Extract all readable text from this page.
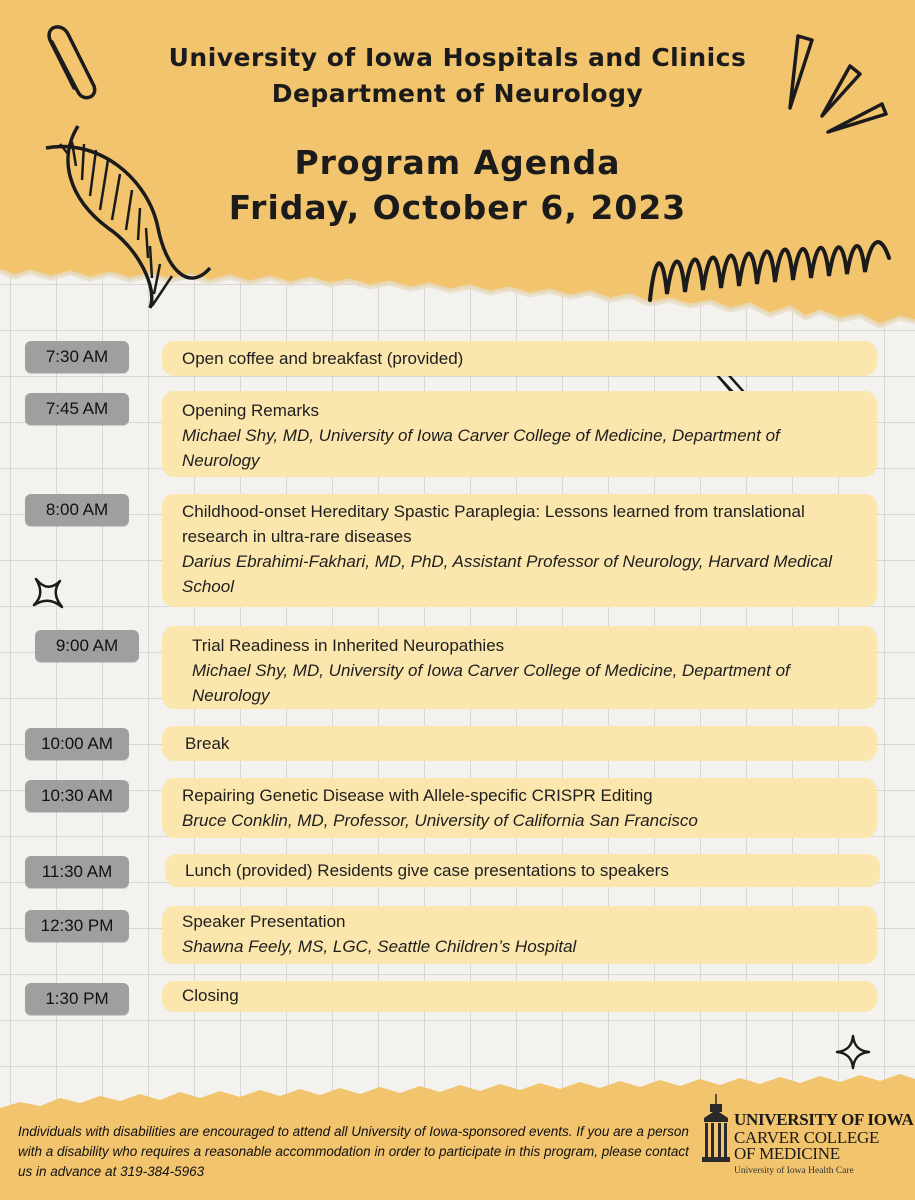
University of Iowa Hospitals and Clinics
Department of Neurology
Program Agenda
Friday, October 6, 2023
7:30 AM	Open coffee and breakfast (provided)
7:45 AM	Opening Remarks
Michael Shy, MD, University of Iowa Carver College of Medicine, Department of Neurology
8:00 AM	Childhood-onset Hereditary Spastic Paraplegia: Lessons learned from translational research in ultra-rare diseases
Darius Ebrahimi-Fakhari, MD, PhD, Assistant Professor of Neurology, Harvard Medical School
9:00 AM	Trial Readiness in Inherited Neuropathies
Michael Shy, MD, University of Iowa Carver College of Medicine, Department of Neurology
10:00 AM	Break
10:30 AM	Repairing Genetic Disease with Allele-specific CRISPR Editing
Bruce Conklin, MD, Professor, University of California San Francisco
11:30 AM	Lunch (provided) Residents give case presentations to speakers
12:30 PM	Speaker Presentation
Shawna Feely, MS, LGC, Seattle Children’s Hospital
1:30 PM	Closing
Individuals with disabilities are encouraged to attend all University of Iowa-sponsored events. If you are a person with a disability who requires a reasonable accommodation in order to participate in this program, please contact us in advance at 319-384-5963
UNIVERSITY OF IOWA
CARVER COLLEGE
OF MEDICINE
University of Iowa Health Care
